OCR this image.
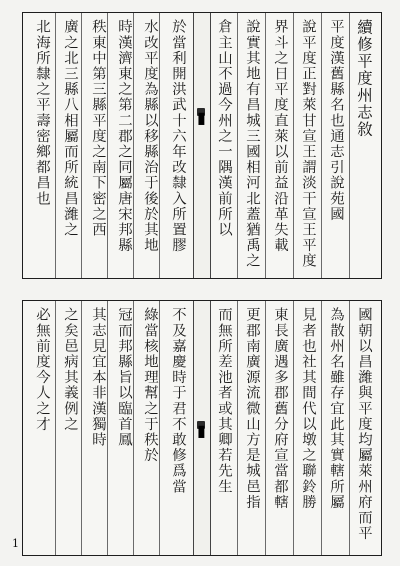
▮	續修平度州志敘
平度漢舊縣名也通志引說苑國
說平度正對萊甘宣王謂淡干宣王平度
界斗之日平度直萊以前益沿革失載
說實其地有昌城三國相河北蓋猶禹之
倉主山不過今州之一隅漢前所以
於當利開洪武十六年改隸入所置膠
水改平度為縣以移縣治于後於其地
時漢濟東之第二郡之同屬唐宋邦縣
秩東中第三縣平度之南下密之西
廣之北三縣八相屬而所統昌濰之
北海所隸之平壽密鄉都昌也
▮	國朝以昌濰與平度均屬萊州府而平
為散州名雖存宜此其實轄所屬
見者也社其間代以墩之聯鈴勝
東長廣遇多郡舊分府宣當都轄
更郡南廣源流微山方是城邑指
而無所差池者或其卿若先生
不及嘉慶時于君不敢修爲當
綠當核地理幫之于秩於
冠而邦縣旨以臨首鳳
其志見宜本非漢獨時
之矣邑病其義例之
必無前度今人之才
1
